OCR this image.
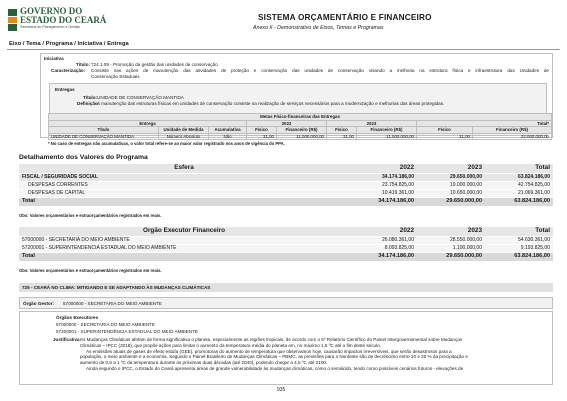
GOVERNO DO
ESTADO DO CEARÁ
Secretaria do Planejamento e Gestão
SISTEMA ORÇAMENTÁRIO E FINANCEIRO
Anexo II - Demonstrativo de Eixos, Temas e Programas
Eixo / Tema / Programa / Iniciativa / Entrega
Iniciativa
Título: 724.1.09 - Promoção da gestão das unidades de conservação.
Caracterização: Consiste nas ações de manutenção das atividades de proteção e conservação das unidades de conservação visando a melhoria na estrutura física e infraestrutura das Unidades de
Conservação Estaduais
Entregas
Título: UNIDADE DE CONSERVAÇÃO MANTIDA
Definição:
A manutenção das estruturas físicas em unidades de conservação consiste na realização de serviços necessários para a modernização e melhorias das áreas protegidas.
Metas Físico-financeiras das Entregas								
Entrega			2022		2023		Total*	
Título	Unidade de Medida	Acumulativa	Físico	Financeiro (R$)	Físico	Financeiro (R$)	Físico	Financeiro (R$)
UNIDADE DE CONSERVAÇÃO MANTIDA	Número Absoluto	Não	31,00	11.000.000,00	31,00	11.000.000,00	31,00	22.000.000,00
* No caso de entregas não acumulativas, o valor total refere-se ao maior valor registrado nos anos de vigência do PPA.
Detalhamento dos Valores do Programa
Esfera	2022	2023	Total
FISCAL / SEGURIDADE SOCIAL	34.174.186,00	29.650.000,00	63.824.186,00
DESPESAS CORRENTES	23.754.825,00	19.000.000,00	42.754.825,00
DESPESAS DE CAPITAL	10.419.361,00	10.650.000,00	21.069.361,00
Total	34.174.186,00	29.650.000,00	63.824.186,00
Obs: Valores orçamentários e extraorçamentários registrados em reais.
Órgão Executor Financeiro	2022	2023	Total
57000000 - SECRETARIA DO MEIO AMBIENTE	26.080.361,00	28.550.000,00	54.630.361,00
57200001 - SUPERINTENDÊNCIA ESTADUAL DO MEIO AMBIENTE	8.093.825,00	1.100.000,00	9.193.825,00
Total	34.174.186,00	29.650.000,00	63.824.186,00
Obs: Valores orçamentários e extraorçamentários registrados em reais.
725 - CEARÁ NO CLIMA: MITIGANDO E SE ADAPTANDO ÀS MUDANÇAS CLIMÁTICAS
Órgão Gestor: 57000000 - SECRETARIA DO MEIO AMBIENTE
Órgãos Executores
57000000 - SECRETARIA DO MEIO AMBIENTE
57200001 - SUPERINTENDÊNCIA ESTADUAL DO MEIO AMBIENTE
Justificativa:
As Mudanças Climáticas afetam de forma significativa o planeta, especialmente as regiões tropicais, de acordo com o 5º Relatório Científico do Painel Intergovernamental sobre Mudanças
Climáticas – IPCC (2018), que propõe ações para limitar o aumento da temperatura média do planeta em, no máximo 1,5 ºC até o fim deste século.
As emissões atuais de gases de efeito estufa (GEE), promotoras do aumento de temperatura que observamos hoje, causarão impactos irreversíveis, que serão desastrosos para a
população, o meio ambiente e a economia. Segundo o Painel Brasileiro de Mudanças Climáticas – PBMC, as previsões para o Nordeste são de decréscimo entre 10 e 20 % da precipitação e
aumento de 0,5 a 1 ºC da temperatura durante as próximas duas décadas (até 2040), podendo chegar a 4,5 ºC até 2100.
Ainda segundo o IPCC, o Estado do Ceará apresenta áreas de grande vulnerabilidade às mudanças climáticas, como o semiárido, tendo como possíveis cenários futuros - elevações de
935
